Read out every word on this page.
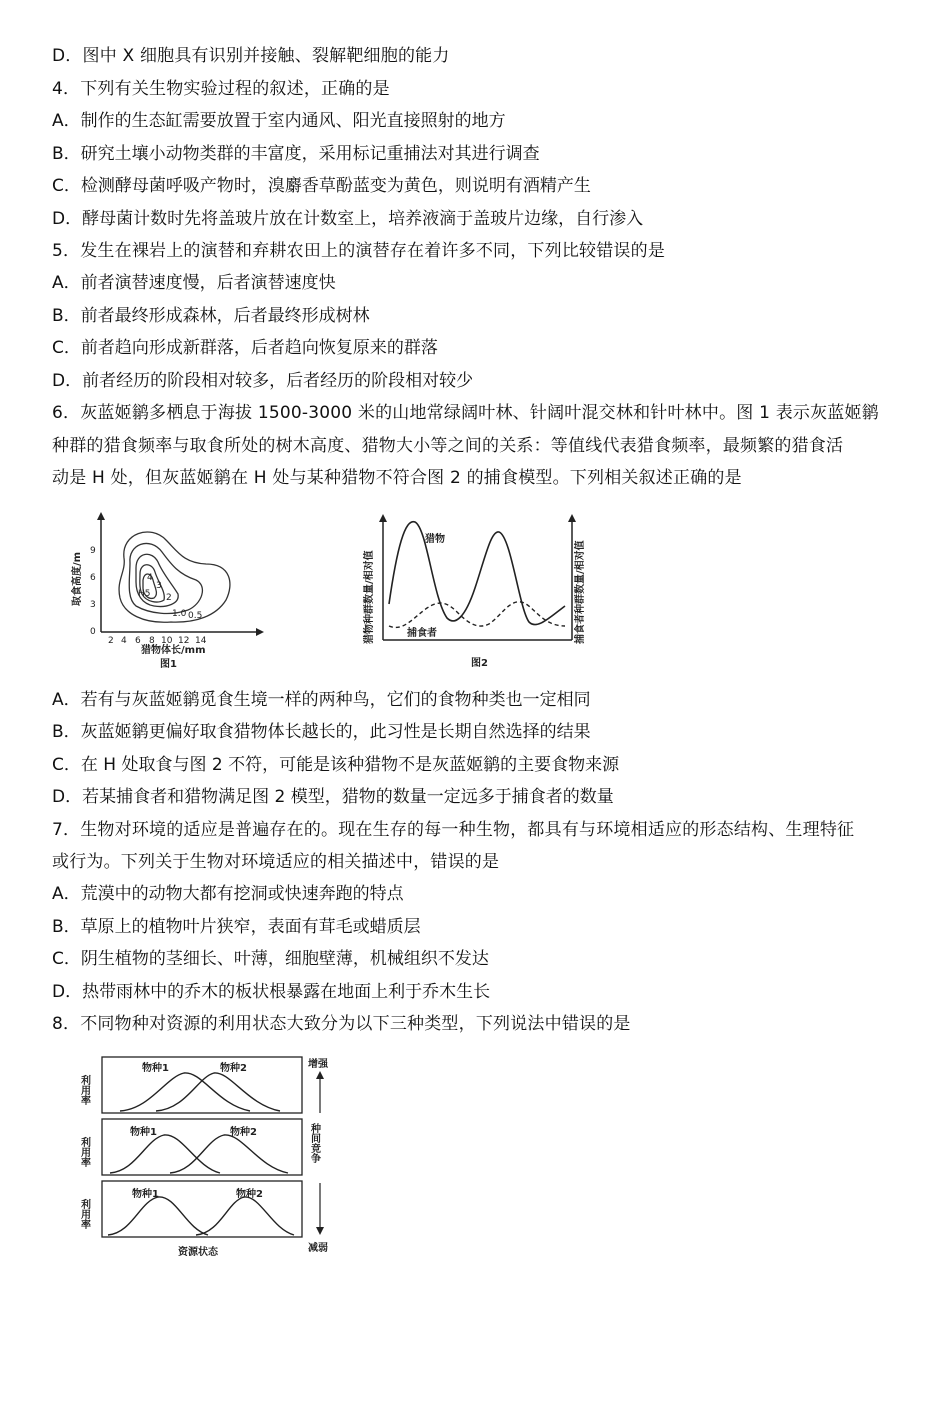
D．图中 X 细胞具有识别并接触、裂解靶细胞的能力
4．下列有关生物实验过程的叙述，正确的是
A．制作的生态缸需要放置于室内通风、阳光直接照射的地方
B．研究土壤小动物类群的丰富度，采用标记重捕法对其进行调查
C．检测酵母菌呼吸产物时，溴麝香草酚蓝变为黄色，则说明有酒精产生
D．酵母菌计数时先将盖玻片放在计数室上，培养液滴于盖玻片边缘，自行渗入
5．发生在裸岩上的演替和弃耕农田上的演替存在着许多不同，下列比较错误的是
A．前者演替速度慢，后者演替速度快
B．前者最终形成森林，后者最终形成树林
C．前者趋向形成新群落，后者趋向恢复原来的群落
D．前者经历的阶段相对较多，后者经历的阶段相对较少
6．灰蓝姬鹟多栖息于海拔 1500-3000 米的山地常绿阔叶林、针阔叶混交林和针叶林中。图 1 表示灰蓝姬鹟
种群的猎食频率与取食所处的树木高度、猎物大小等之间的关系：等值线代表猎食频率，最频繁的猎食活
动是 H 处，但灰蓝姬鹟在 H 处与某种猎物不符合图 2 的捕食模型。下列相关叙述正确的是
取食高度/m
9
6
3
0
2 4 6 8 10 12 14
猎物体长/mm
图1
4
3
H5 2
1.0 0.5	猎物种群数量/相对值	捕食者种群数量/相对值
猎物
捕食者
图2
A．若有与灰蓝姬鹟觅食生境一样的两种鸟，它们的食物种类也一定相同
B．灰蓝姬鹟更偏好取食猎物体长越长的，此习性是长期自然选择的结果
C．在 H 处取食与图 2 不符，可能是该种猎物不是灰蓝姬鹟的主要食物来源
D．若某捕食者和猎物满足图 2 模型，猎物的数量一定远多于捕食者的数量
7．生物对环境的适应是普遍存在的。现在生存的每一种生物，都具有与环境相适应的形态结构、生理特征
或行为。下列关于生物对环境适应的相关描述中，错误的是
A．荒漠中的动物大都有挖洞或快速奔跑的特点
B．草原上的植物叶片狭窄，表面有茸毛或蜡质层
C．阴生植物的茎细长、叶薄，细胞壁薄，机械组织不发达
D．热带雨林中的乔木的板状根暴露在地面上利于乔木生长
8．不同物种对资源的利用状态大致分为以下三种类型，下列说法中错误的是
利用率
物种1	物种2
利用率
物种1	物种2
利用率
物种1	物种2
资源状态
增强
种间竞争
减弱
